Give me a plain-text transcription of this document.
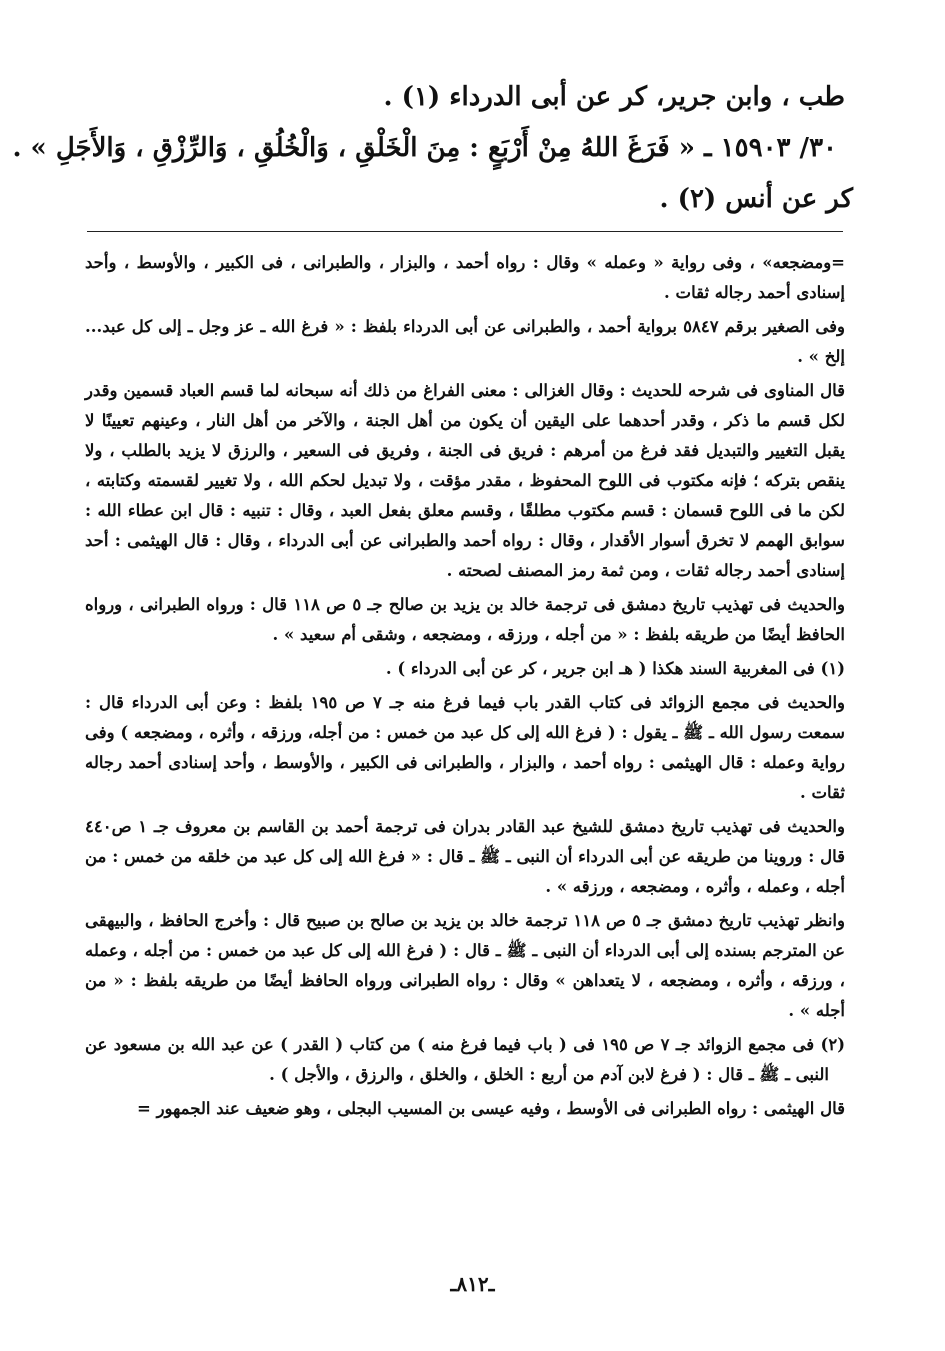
طب ، وابن جرير، كر عن أبى الدرداء (١) .
٣٠/ ١٥٩٠٣ ـ « فَرَغَ اللهُ مِنْ أَرْبَعٍ : مِنَ الْخَلْقِ ، وَالْخُلُقِ ، وَالرِّزْقِ ، وَالأَجَلِ » .
كر عن أنس (٢) .

=ومضجعه» ، وفى رواية « وعمله » وقال : رواه أحمد ، والبزار ، والطبرانى ، فى الكبير ، والأوسط ، وأحد إسنادى أحمد رجاله ثقات .

وفى الصغير برقم ٥٨٤٧ برواية أحمد ، والطبرانى عن أبى الدرداء بلفظ : « فرغ الله ـ عز وجل ـ إلى كل عبد... إلخ » .

قال المناوى فى شرحه للحديث : وقال الغزالى : معنى الفراغ من ذلك أنه سبحانه لما قسم العباد قسمين وقدر لكل قسم ما ذكر ، وقدر أحدهما على اليقين أن يكون من أهل الجنة ، والآخر من أهل النار ، وعينهم تعيينًا لا يقبل التغيير والتبديل فقد فرغ من أمرهم : فريق فى الجنة ، وفريق فى السعير ، والرزق لا يزيد بالطلب ، ولا ينقص بتركه ؛ فإنه مكتوب فى اللوح المحفوظ ، مقدر مؤقت ، ولا تبديل لحكم الله ، ولا تغيير لقسمته وكتابته ، لكن ما فى اللوح قسمان : قسم مكتوب مطلقًا ، وقسم معلق بفعل العبد ، وقال : تنبيه : قال ابن عطاء الله : سوابق الهمم لا تخرق أسوار الأقدار ، وقال : رواه أحمد والطبرانى عن أبى الدرداء ، وقال : قال الهيثمى : أحد إسنادى أحمد رجاله ثقات ، ومن ثمة رمز المصنف لصحته .

والحديث فى تهذيب تاريخ دمشق فى ترجمة خالد بن يزيد بن صالح جـ ٥ ص ١١٨ قال : ورواه الطبرانى ، ورواه الحافظ أيضًا من طريقه بلفظ : « من أجله ، ورزقه ، ومضجعه ، وشقى أم سعيد » .

(١) فى المغربية السند هكذا ( هـ ابن جرير ، كر عن أبى الدرداء ) .

والحديث فى مجمع الزوائد فى كتاب القدر باب فيما فرغ منه جـ ٧ ص ١٩٥ بلفظ : وعن أبى الدرداء قال : سمعت رسول الله ـ ﷺ ـ يقول : ( فرغ الله إلى كل عبد من خمس : من أجله، ورزقه ، وأثره ، ومضجعه ) وفى رواية وعمله : قال الهيثمى : رواه أحمد ، والبزار ، والطبرانى فى الكبير ، والأوسط ، وأحد إسنادى أحمد رجاله ثقات .

والحديث فى تهذيب تاريخ دمشق للشيخ عبد القادر بدران فى ترجمة أحمد بن القاسم بن معروف جـ ١ ص٤٤٠ قال : وروينا من طريقه عن أبى الدرداء أن النبى ـ ﷺ ـ قال : « فرغ الله إلى كل عبد من خلقه من خمس : من أجله ، وعمله ، وأثره ، ومضجعه ، ورزقه » .

وانظر تهذيب تاريخ دمشق جـ ٥ ص ١١٨ ترجمة خالد بن يزيد بن صالح بن صبيح قال : وأخرج الحافظ ، والبيهقى عن المترجم بسنده إلى أبى الدرداء أن النبى ـ ﷺ ـ قال : ( فرغ الله إلى كل عبد من خمس : من أجله ، وعمله ، ورزقه ، وأثره ، ومضجعه ، لا يتعداهن » وقال : رواه الطبرانى ورواه الحافظ أيضًا من طريقه بلفظ : « من أجله » .

(٢) فى مجمع الزوائد جـ ٧ ص ١٩٥ فى ( باب فيما فرغ منه ) من كتاب ( القدر ) عن عبد الله بن مسعود عن النبى ـ ﷺ ـ قال : ( فرغ لابن آدم من أربع : الخلق ، والخلق ، والرزق ، والأجل ) .

قال الهيثمى : رواه الطبرانى فى الأوسط ، وفيه عيسى بن المسيب البجلى ، وهو ضعيف عند الجمهور =

ـ٨١٢ـ
